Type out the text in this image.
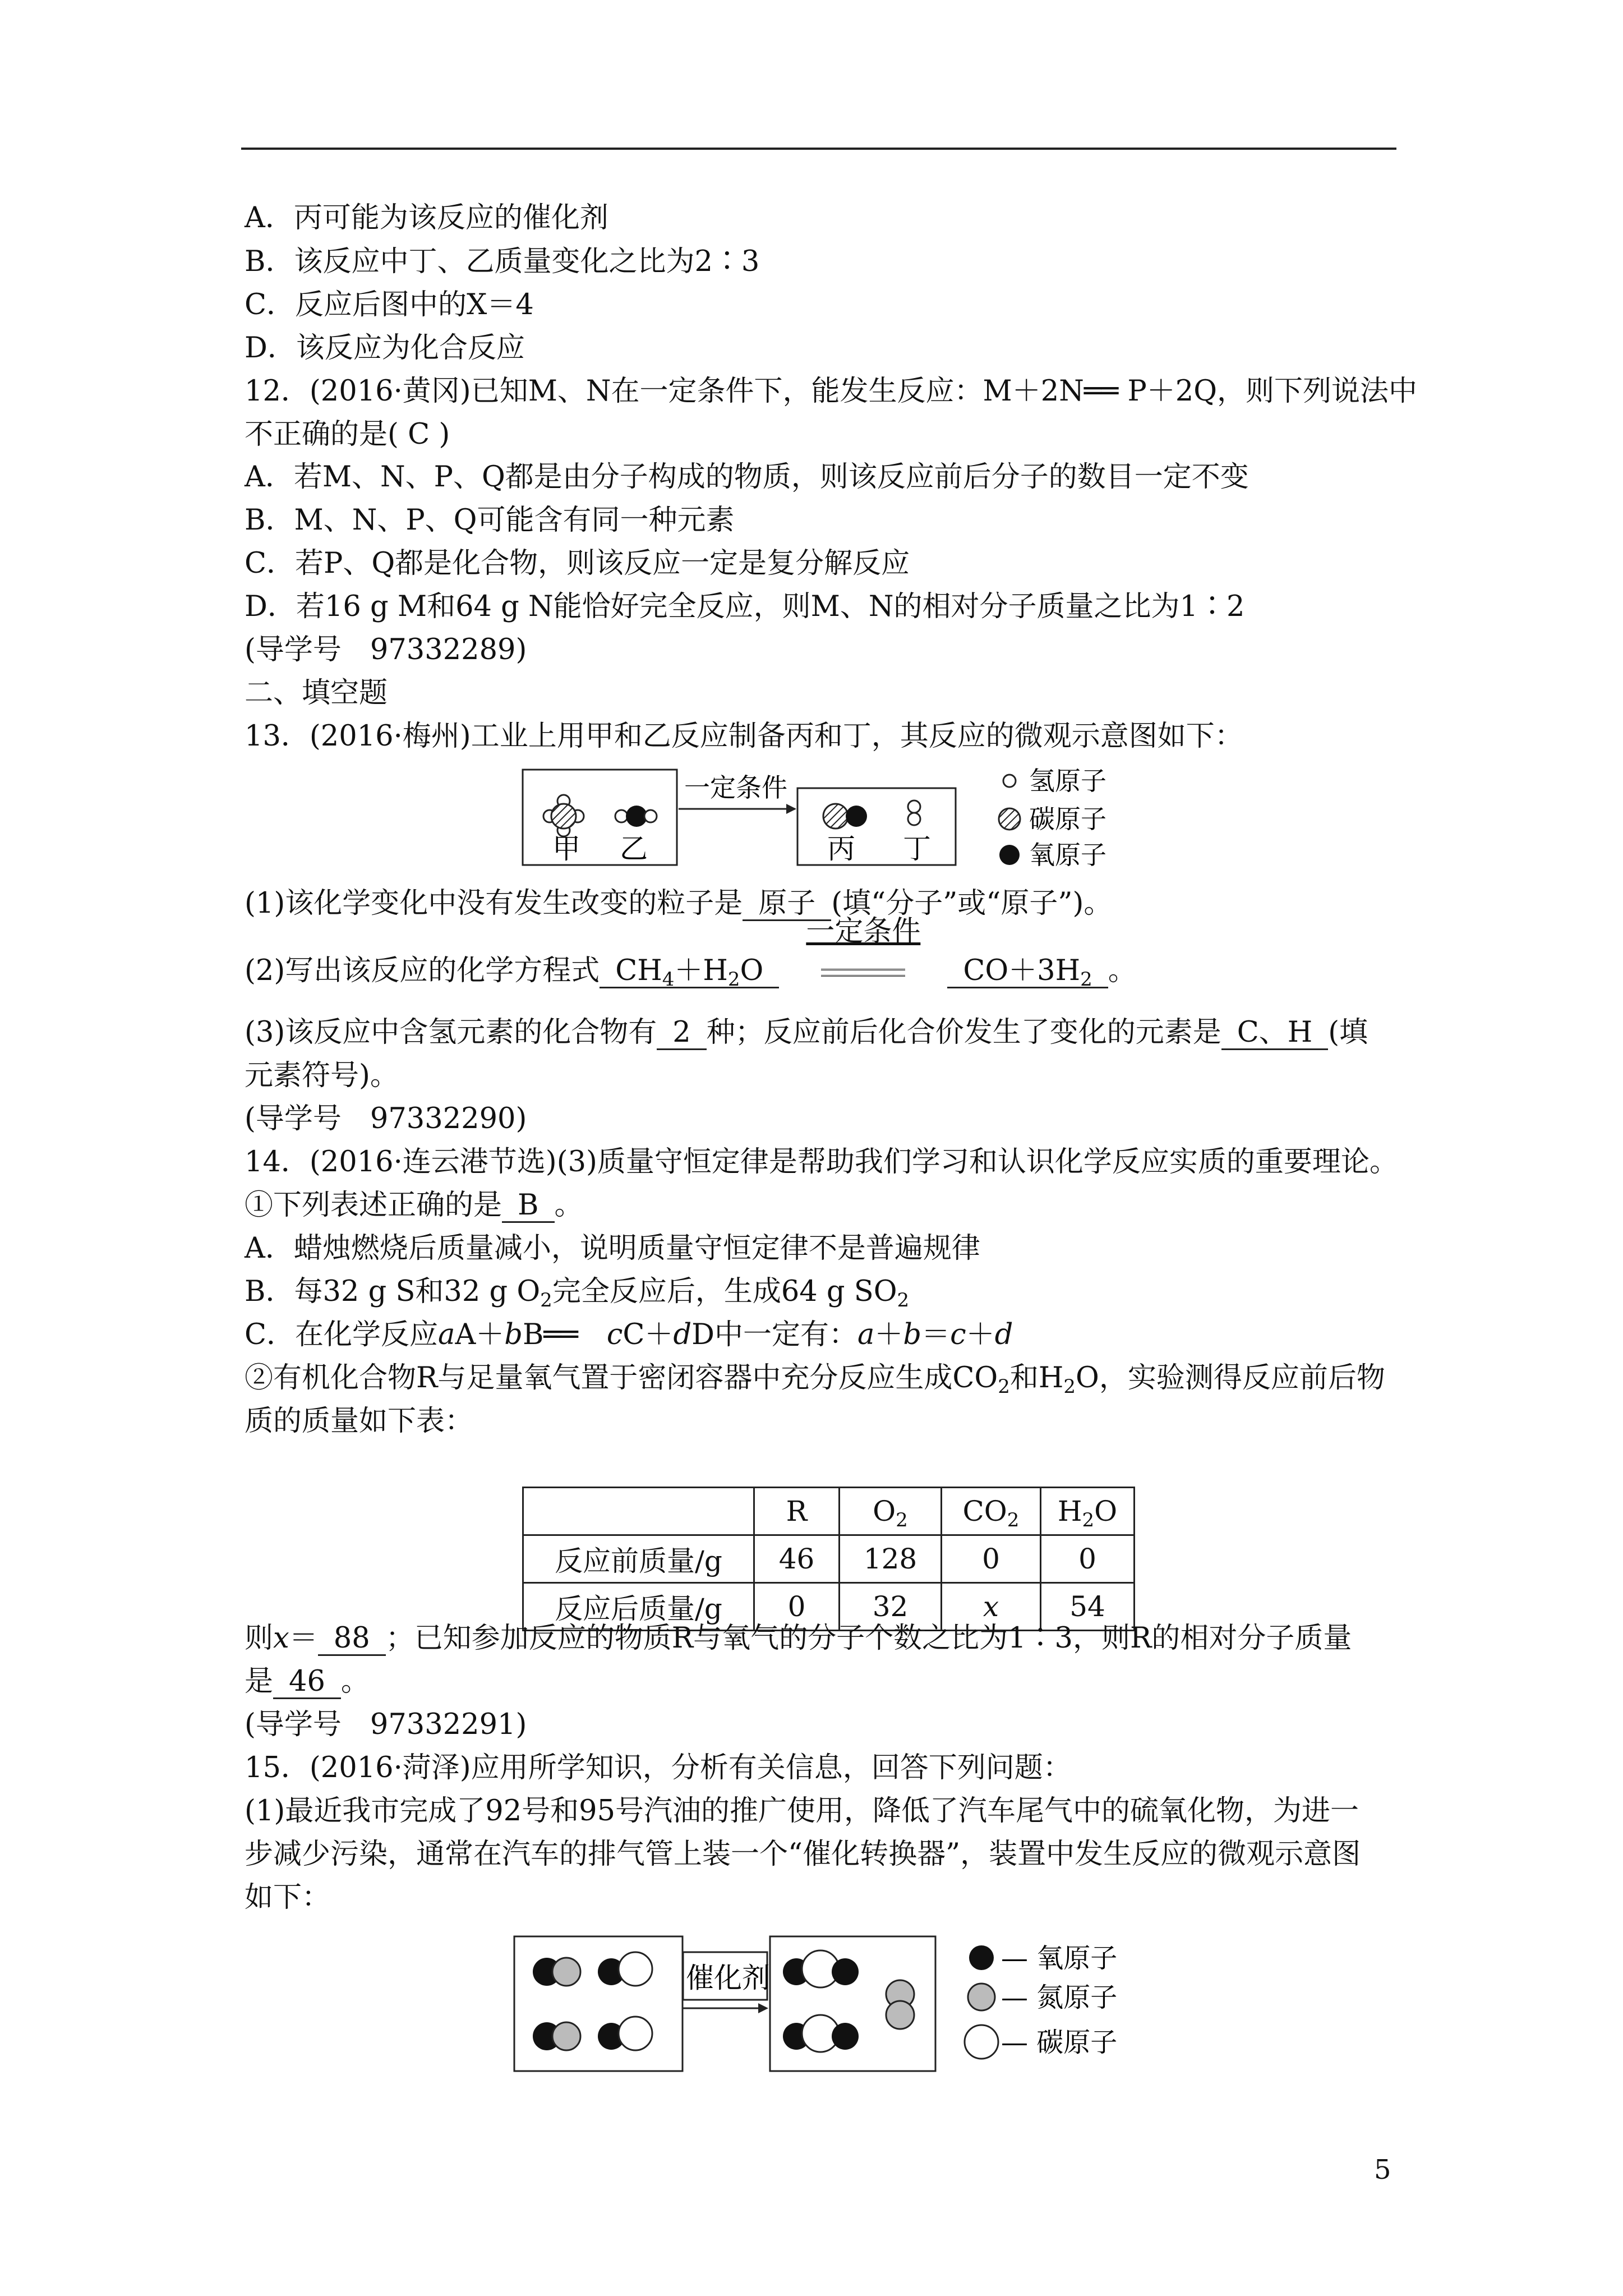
A．丙可能为该反应的催化剂
B．该反应中丁、乙质量变化之比为2∶3
C．反应后图中的X＝4
D．该反应为化合反应
12．(2016·黄冈)已知M、N在一定条件下，能发生反应：M＋2N══ P＋2Q，则下列说法中
不正确的是( C )
A．若M、N、P、Q都是由分子构成的物质，则该反应前后分子的数目一定不变
B．M、N、P、Q可能含有同一种元素
C．若P、Q都是化合物，则该反应一定是复分解反应
D．若16 g M和64 g N能恰好完全反应，则M、N的相对分子质量之比为1∶2
(导学号　97332289)
二、填空题
13．(2016·梅州)工业上用甲和乙反应制备丙和丁，其反应的微观示意图如下：
甲 乙
一定条件
丙 丁
氢原子
碳原子
氧原子
(1)该化学变化中没有发生改变的粒子是 原子 (填“分子”或“原子”)。
(2)写出该反应的化学方程式 $CH_4+H_2O$
一定条件
$CO+3H_2$ 。
(3)该反应中含氢元素的化合物有 2 种；反应前后化合价发生了变化的元素是 C、H (填
元素符号)。
(导学号　97332290)
14．(2016·连云港节选)(3)质量守恒定律是帮助我们学习和认识化学反应实质的重要理论。
①下列表述正确的是 B 。
A．蜡烛燃烧后质量减小，说明质量守恒定律不是普遍规律
B．每32 g S和32 g $O_2$完全反应后，生成64 g $SO_2$
C．在化学反应aA＋bB══　cC＋dD中一定有：a＋b＝c＋d
②有机化合物R与足量氧气置于密闭容器中充分反应生成$CO_2$和$H_2O$，实验测得反应前后物
质的质量如下表：
	R	$O_2$	$CO_2$	$H_2O$
反应前质量/g	46	128	0	0
反应后质量/g	0	32	x	54
则x＝ 88 ；已知参加反应的物质R与氧气的分子个数之比为1∶3，则R的相对分子质量
是 46 。
(导学号　97332291)
15．(2016·菏泽)应用所学知识，分析有关信息，回答下列问题：
(1)最近我市完成了92号和95号汽油的推广使用，降低了汽车尾气中的硫氧化物，为进一
步减少污染，通常在汽车的排气管上装一个“催化转换器”，装置中发生反应的微观示意图
如下：
催化剂
— 氧原子
— 氮原子
— 碳原子
5
